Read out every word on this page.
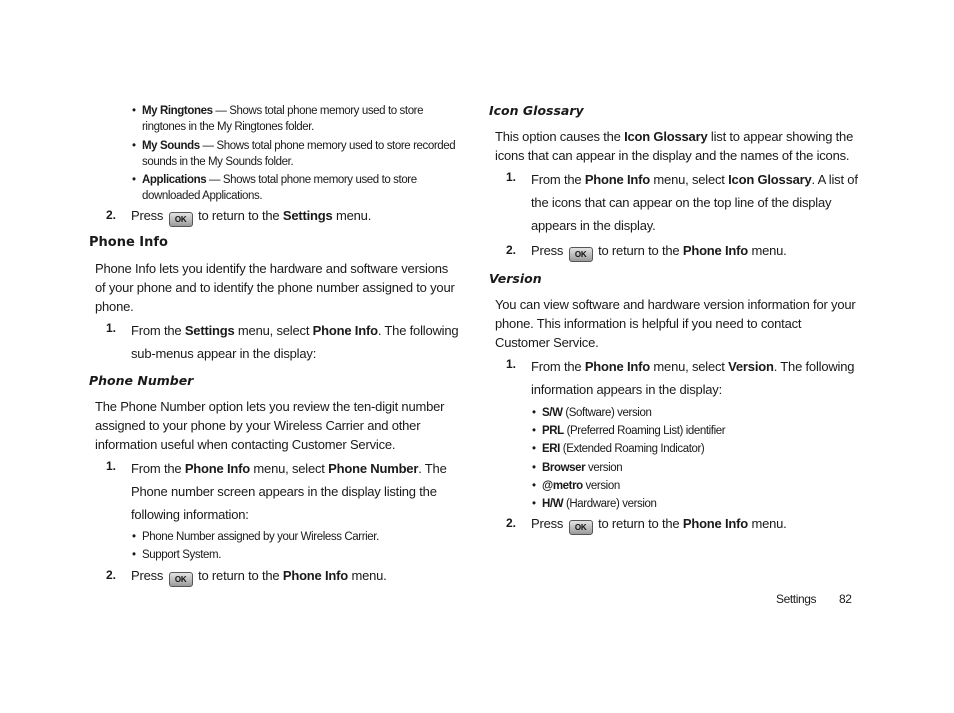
• My Ringtones — Shows total phone memory used to store
ringtones in the My Ringtones folder.
• My Sounds — Shows total phone memory used to store recorded
sounds in the My Sounds folder.
• Applications — Shows total phone memory used to store
downloaded Applications.
2. Press OK to return to the Settings menu.
Phone Info
Phone Info lets you identify the hardware and software versions
of your phone and to identify the phone number assigned to your
phone.
1. From the Settings menu, select Phone Info. The following
sub-menus appear in the display:
Phone Number
The Phone Number option lets you review the ten-digit number
assigned to your phone by your Wireless Carrier and other
information useful when contacting Customer Service.
1. From the Phone Info menu, select Phone Number. The
Phone number screen appears in the display listing the
following information:
• Phone Number assigned by your Wireless Carrier.
• Support System.
2. Press OK to return to the Phone Info menu.
Icon Glossary
This option causes the Icon Glossary list to appear showing the
icons that can appear in the display and the names of the icons.
1. From the Phone Info menu, select Icon Glossary. A list of
the icons that can appear on the top line of the display
appears in the display.
2. Press OK to return to the Phone Info menu.
Version
You can view software and hardware version information for your
phone. This information is helpful if you need to contact
Customer Service.
1. From the Phone Info menu, select Version. The following
information appears in the display:
• S/W (Software) version
• PRL (Preferred Roaming List) identifier
• ERI (Extended Roaming Indicator)
• Browser version
• @metro version
• H/W (Hardware) version
2. Press OK to return to the Phone Info menu.
Settings 82
